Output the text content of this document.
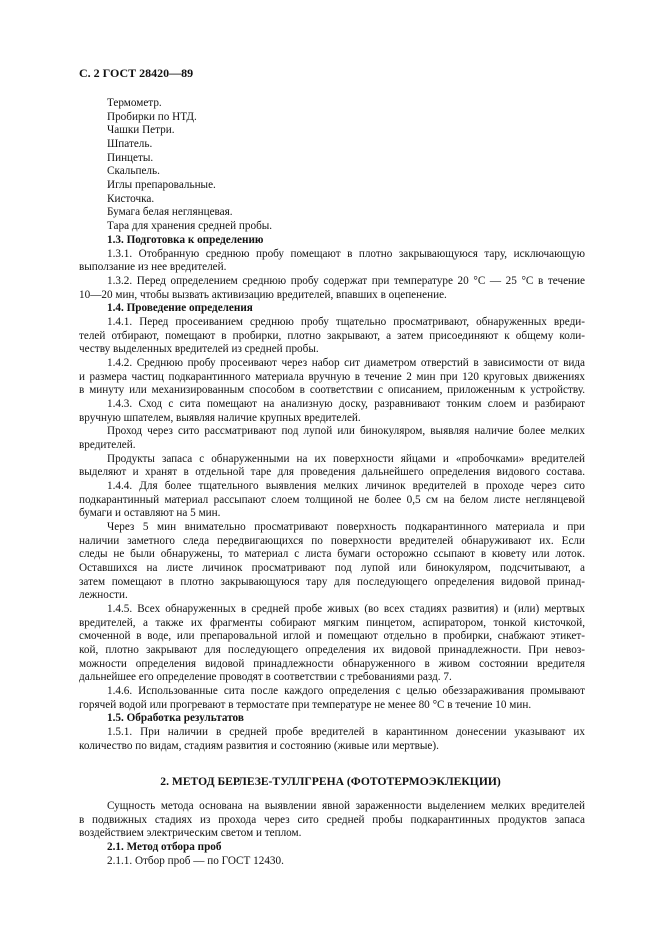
С. 2 ГОСТ 28420—89
Термометр.
Пробирки по НТД.
Чашки Петри.
Шпатель.
Пинцеты.
Скальпель.
Иглы препаровальные.
Кисточка.
Бумага белая неглянцевая.
Тара для хранения средней пробы.
1.3. Подготовка к определению
1.3.1. Отобранную среднюю пробу помещают в плотно закрывающуюся тару, исключающую
выползание из нее вредителей.
1.3.2. Перед определением среднюю пробу содержат при температуре 20 °С — 25 °С в течение
10—20 мин, чтобы вызвать активизацию вредителей, впавших в оцепенение.
1.4. Проведение определения
1.4.1. Перед просеиванием среднюю пробу тщательно просматривают, обнаруженных вреди-
телей отбирают, помещают в пробирки, плотно закрывают, а затем присоединяют к общему коли-
честву выделенных вредителей из средней пробы.
1.4.2. Среднюю пробу просеивают через набор сит диаметром отверстий в зависимости от вида
и размера частиц подкарантинного материала вручную в течение 2 мин при 120 круговых движениях
в минуту или механизированным способом в соответствии с описанием, приложенным к устройству.
1.4.3. Сход с сита помещают на анализную доску, разравнивают тонким слоем и разбирают
вручную шпателем, выявляя наличие крупных вредителей.
Проход через сито рассматривают под лупой или бинокуляром, выявляя наличие более мелких
вредителей.
Продукты запаса с обнаруженными на их поверхности яйцами и «пробочками» вредителей
выделяют и хранят в отдельной таре для проведения дальнейшего определения видового состава.
1.4.4. Для более тщательного выявления мелких личинок вредителей в проходе через сито
подкарантинный материал рассыпают слоем толщиной не более 0,5 см на белом листе неглянцевой
бумаги и оставляют на 5 мин.
Через 5 мин внимательно просматривают поверхность подкарантинного материала и при
наличии заметного следа передвигающихся по поверхности вредителей обнаруживают их. Если
следы не были обнаружены, то материал с листа бумаги осторожно ссыпают в кювету или лоток.
Оставшихся на листе личинок просматривают под лупой или бинокуляром, подсчитывают, а
затем помещают в плотно закрывающуюся тару для последующего определения видовой принад-
лежности.
1.4.5. Всех обнаруженных в средней пробе живых (во всех стадиях развития) и (или) мертвых
вредителей, а также их фрагменты собирают мягким пинцетом, аспиратором, тонкой кисточкой,
смоченной в воде, или препаровальной иглой и помещают отдельно в пробирки, снабжают этикет-
кой, плотно закрывают для последующего определения их видовой принадлежности. При невоз-
можности определения видовой принадлежности обнаруженного в живом состоянии вредителя
дальнейшее его определение проводят в соответствии с требованиями разд. 7.
1.4.6. Использованные сита после каждого определения с целью обеззараживания промывают
горячей водой или прогревают в термостате при температуре не менее 80 °С в течение 10 мин.
1.5. Обработка результатов
1.5.1. При наличии в средней пробе вредителей в карантинном донесении указывают их
количество по видам, стадиям развития и состоянию (живые или мертвые).
2. МЕТОД БЕРЛЕЗЕ-ТУЛЛГРЕНА (ФОТОТЕРМОЭКЛЕКЦИИ)
Сущность метода основана на выявлении явной зараженности выделением мелких вредителей
в подвижных стадиях из прохода через сито средней пробы подкарантинных продуктов запаса
воздействием электрическим светом и теплом.
2.1. Метод отбора проб
2.1.1. Отбор проб — по ГОСТ 12430.
